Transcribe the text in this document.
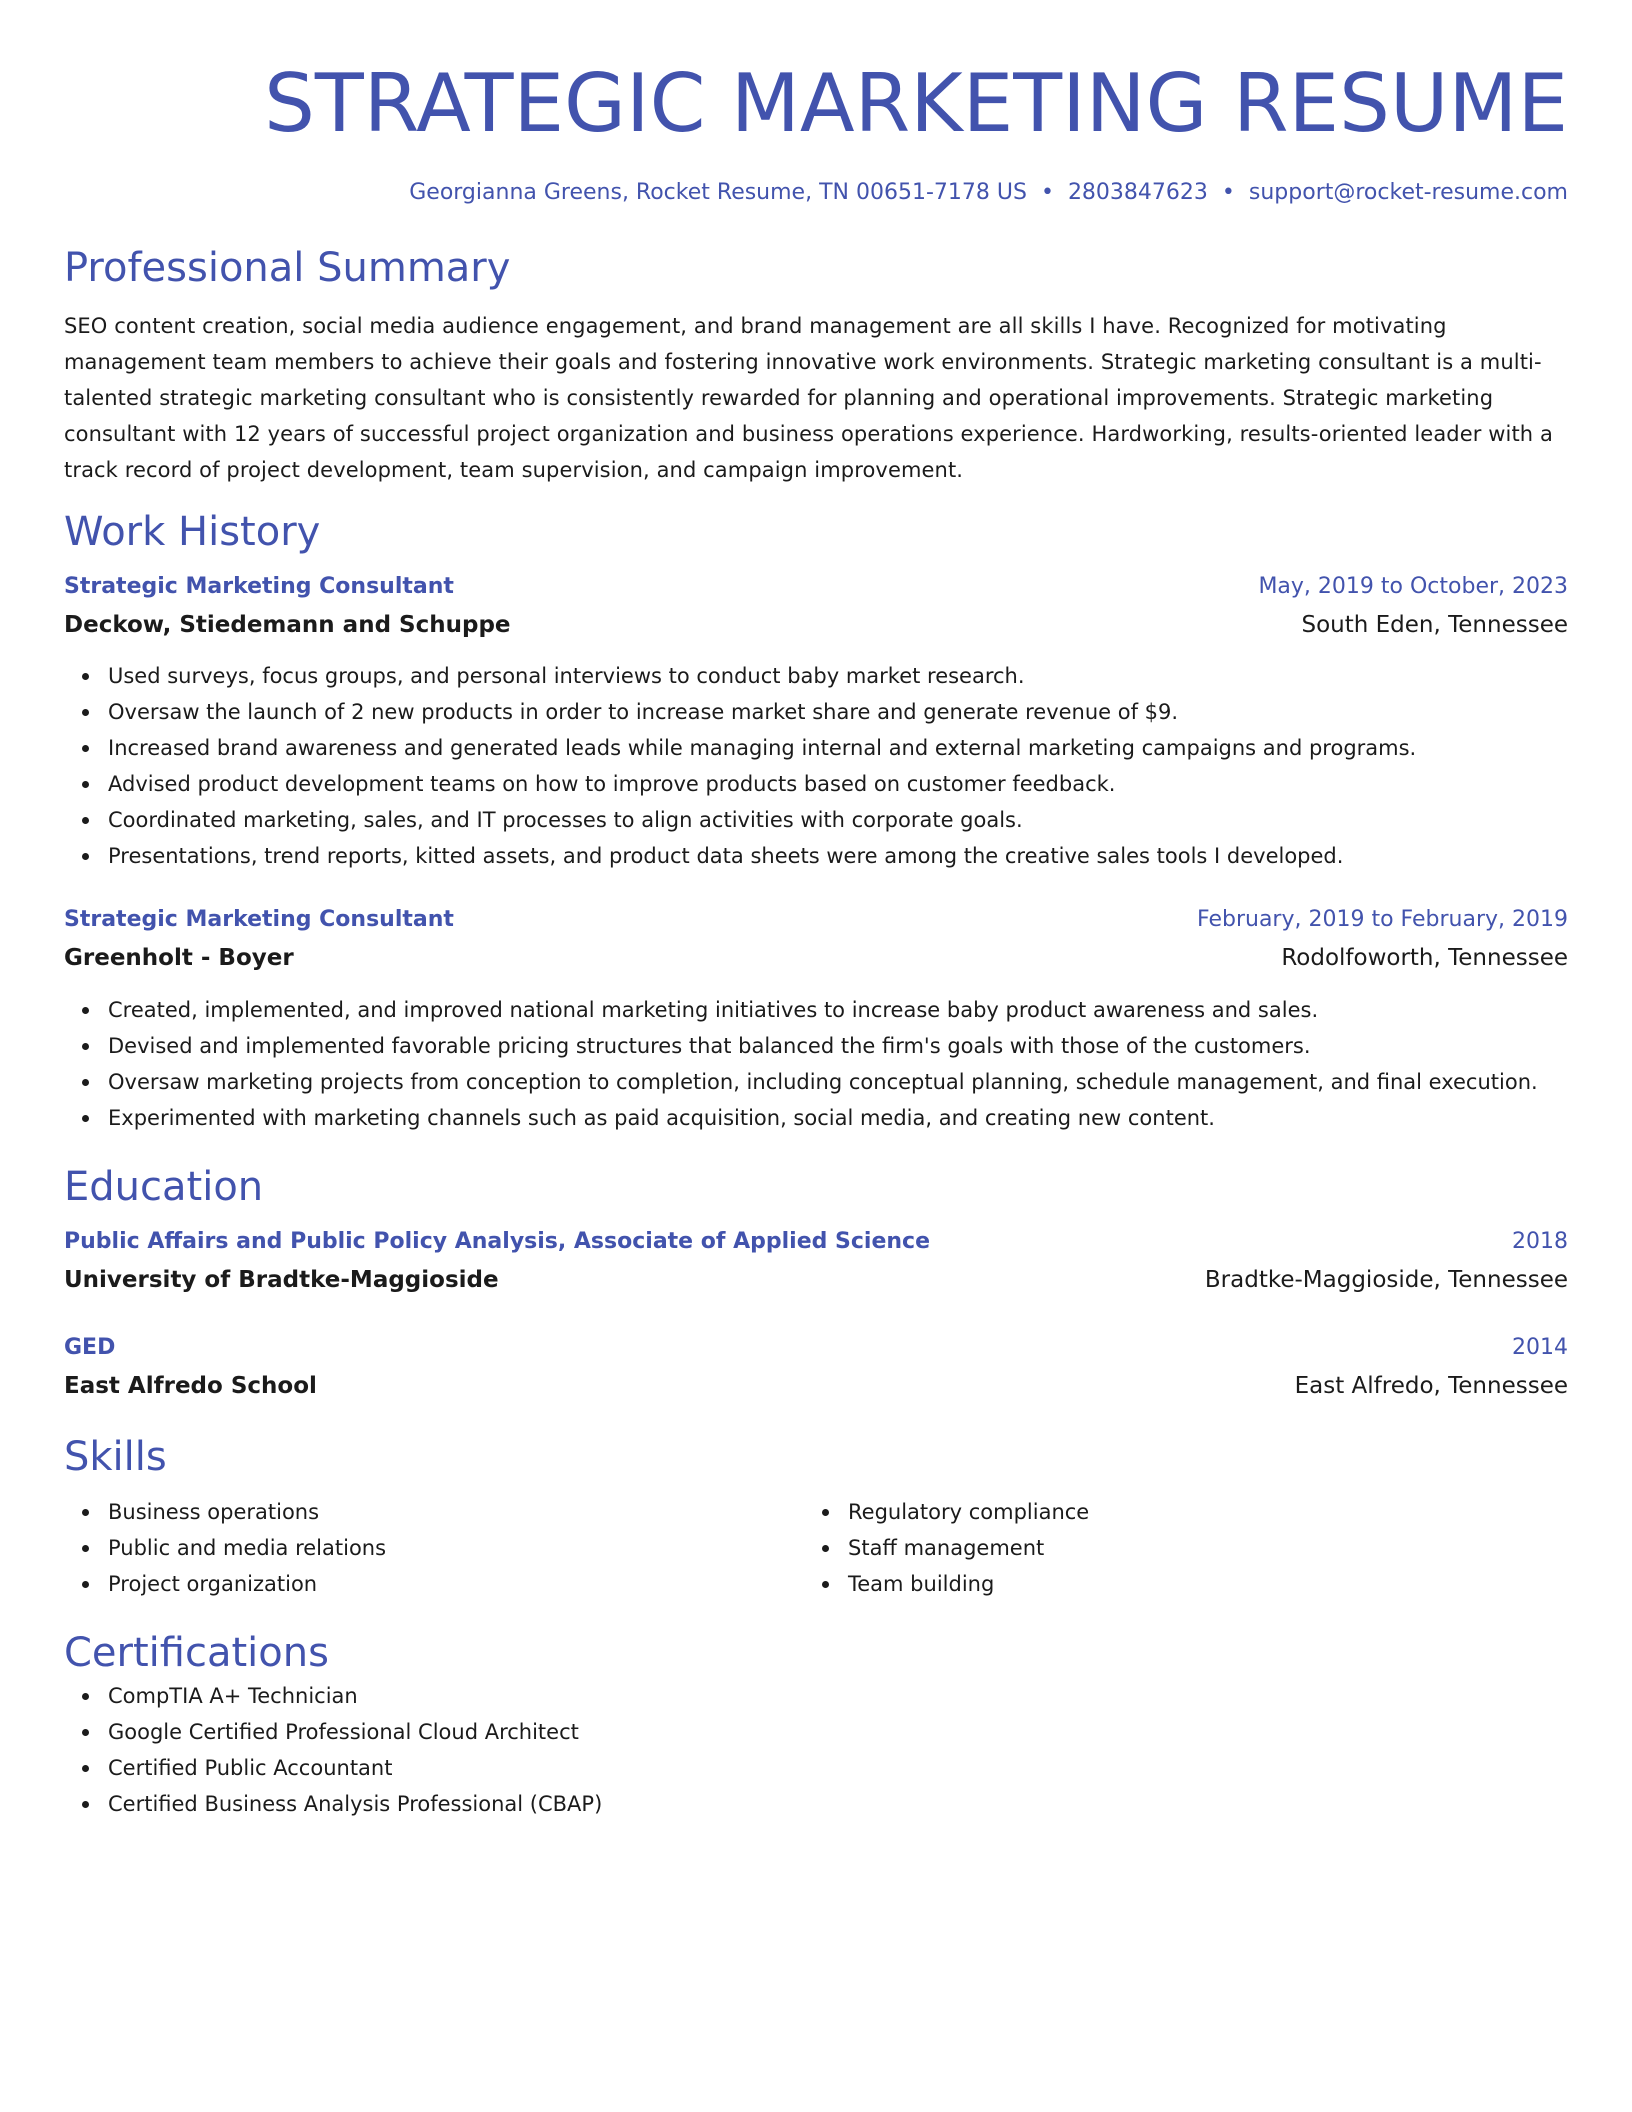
STRATEGIC MARKETING RESUME
Georgianna Greens, Rocket Resume, TN 00651-7178 US • 2803847623 • support@rocket-resume.com
Professional Summary

SEO content creation, social media audience engagement, and brand management are all skills I have. Recognized for motivating management team members to achieve their goals and fostering innovative work environments. Strategic marketing consultant is a multi-talented strategic marketing consultant who is consistently rewarded for planning and operational improvements. Strategic marketing consultant with 12 years of successful project organization and business operations experience. Hardworking, results-oriented leader with a track record of project development, team supervision, and campaign improvement.

Work History
Strategic Marketing Consultant	May, 2019 to October, 2023
Deckow, Stiedemann and Schuppe	South Eden, Tennessee
Used surveys, focus groups, and personal interviews to conduct baby market research.
Oversaw the launch of 2 new products in order to increase market share and generate revenue of $9.
Increased brand awareness and generated leads while managing internal and external marketing campaigns and programs.
Advised product development teams on how to improve products based on customer feedback.
Coordinated marketing, sales, and IT processes to align activities with corporate goals.
Presentations, trend reports, kitted assets, and product data sheets were among the creative sales tools I developed.
Strategic Marketing Consultant	February, 2019 to February, 2019
Greenholt - Boyer	Rodolfoworth, Tennessee
Created, implemented, and improved national marketing initiatives to increase baby product awareness and sales.
Devised and implemented favorable pricing structures that balanced the firm's goals with those of the customers.
Oversaw marketing projects from conception to completion, including conceptual planning, schedule management, and final execution.
Experimented with marketing channels such as paid acquisition, social media, and creating new content.
Education
Public Affairs and Public Policy Analysis, Associate of Applied Science	2018
University of Bradtke-Maggioside	Bradtke-Maggioside, Tennessee
GED	2014
East Alfredo School	East Alfredo, Tennessee
Skills
Business operations
Public and media relations
Project organization
Regulatory compliance
Staff management
Team building
Certifications
CompTIA A+ Technician
Google Certified Professional Cloud Architect
Certified Public Accountant
Certified Business Analysis Professional (CBAP)
